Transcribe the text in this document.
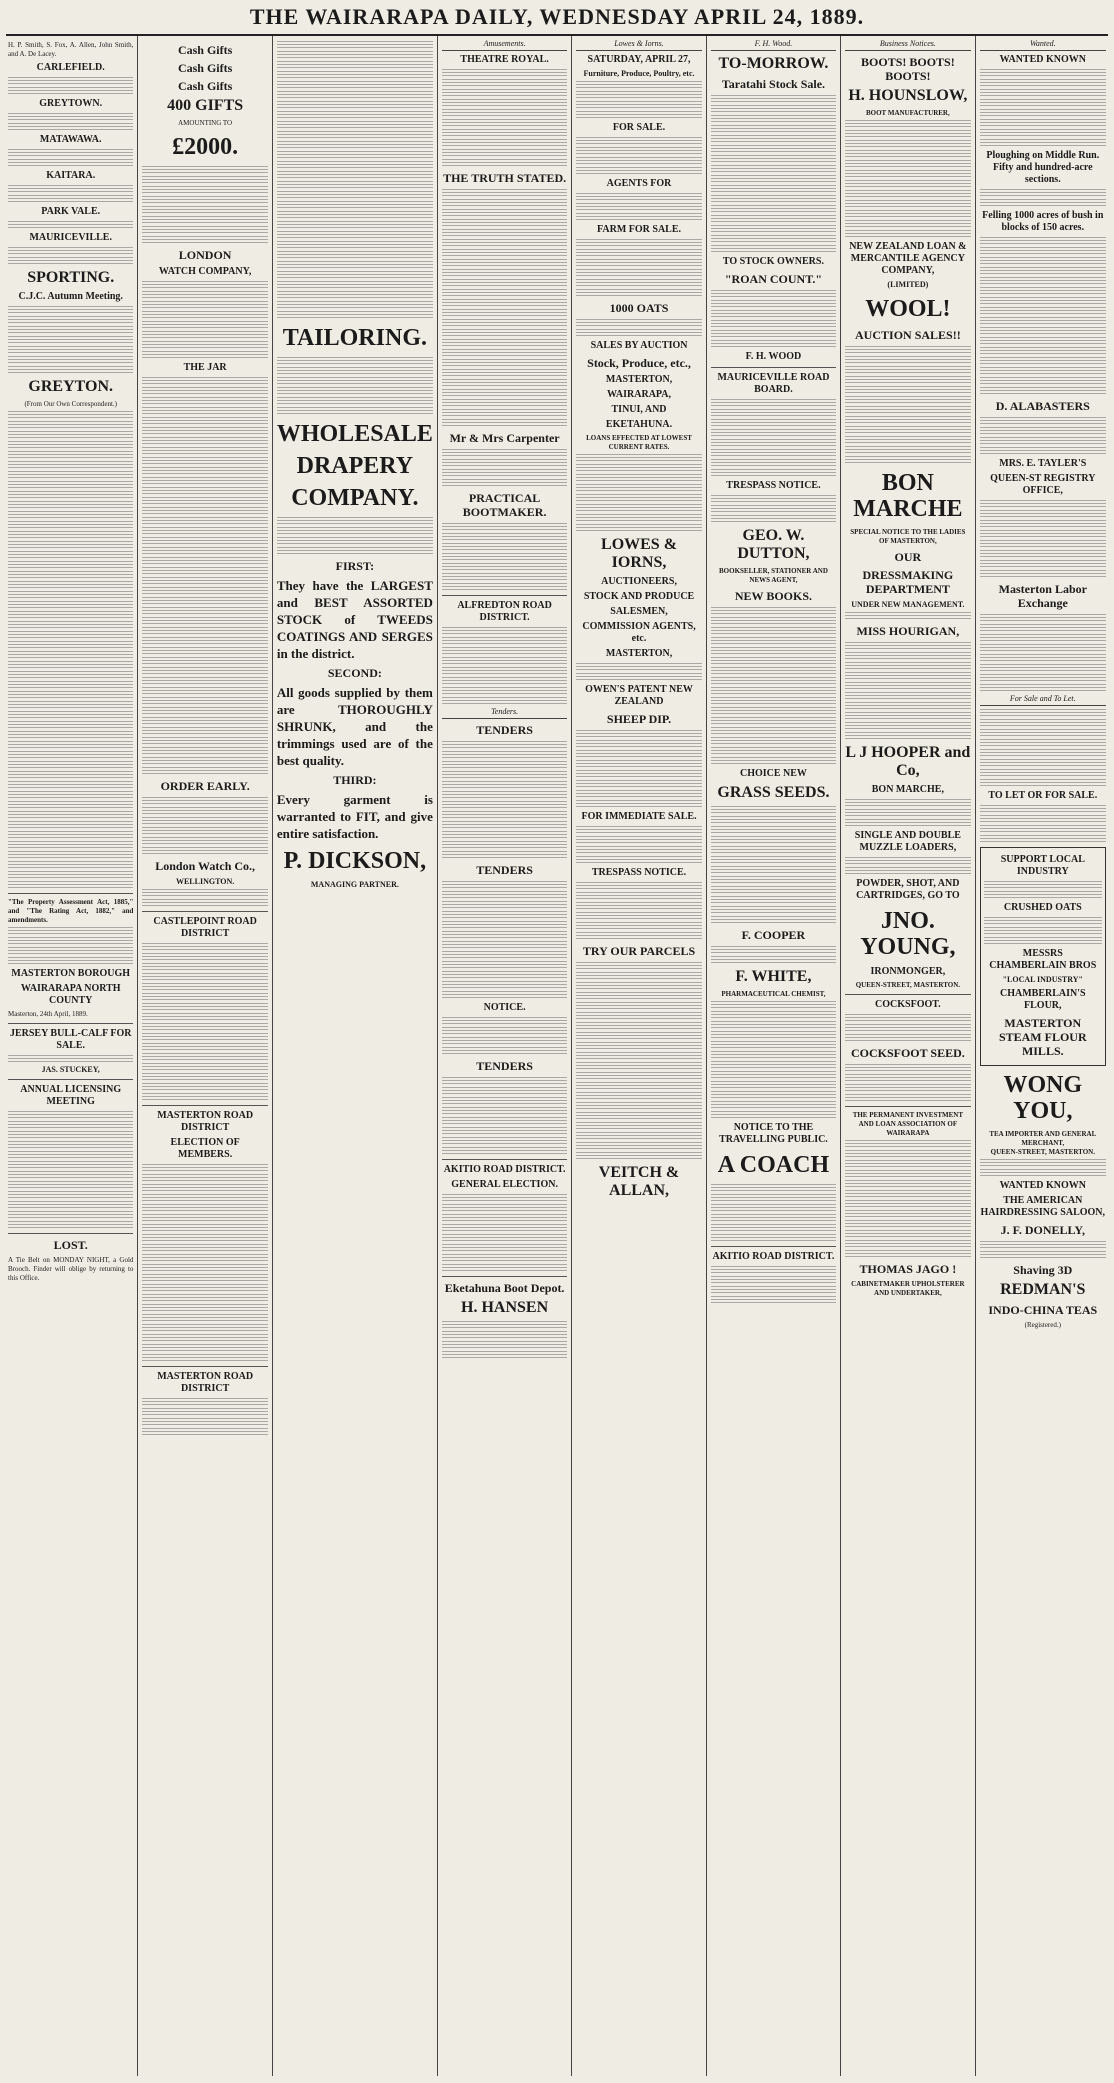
THE WAIRARAPA DAILY, WEDNESDAY APRIL 24, 1889.
H. P. Smith, S. Fox, A. Allen, John Smith, and A. De Lacey.
CARLEFIELD.
GREYTOWN.
MATAWAWA.
KAITARA.
PARK VALE.
MAURICEVILLE.
SPORTING.
C.J.C. Autumn Meeting.
GREYTON.
(From Our Own Correspondent.)
"The Property Assessment Act, 1885," and "The Rating Act, 1882," and amendments.
MASTERTON BOROUGH
WAIRARAPA NORTH COUNTY
Masterton, 24th April, 1889.
JERSEY BULL-CALF FOR SALE.
JAS. STUCKEY,
ANNUAL LICENSING MEETING
LOST.
A Tie Belt on MONDAY NIGHT, a Gold Brooch. Finder will oblige by returning to this Office.
Cash Gifts
Cash Gifts
Cash Gifts
400 GIFTS
AMOUNTING TO
£2000.
LONDON
WATCH COMPANY,
THE JAR
ORDER EARLY.
London Watch Co.,
WELLINGTON.
CASTLEPOINT ROAD DISTRICT
MASTERTON ROAD DISTRICT
ELECTION OF MEMBERS.
MASTERTON ROAD DISTRICT
TAILORING.
WHOLESALE
DRAPERY
COMPANY.
FIRST:
They have the LARGEST and BEST ASSORTED STOCK of TWEEDS COATINGS AND SERGES in the district.
SECOND:
All goods supplied by them are THOROUGHLY SHRUNK, and the trimmings used are of the best quality.
THIRD:
Every garment is warranted to FIT, and give entire satisfaction.
P. DICKSON,
MANAGING PARTNER.
Amusements.
THEATRE ROYAL.
THE TRUTH STATED.
Mr & Mrs Carpenter
PRACTICAL BOOTMAKER.
ALFREDTON ROAD DISTRICT.
Tenders.
TENDERS
TENDERS
NOTICE.
TENDERS
AKITIO ROAD DISTRICT.
GENERAL ELECTION.
Eketahuna Boot Depot.
H. HANSEN
Lowes & Iorns.
SATURDAY, APRIL 27,
Furniture, Produce, Poultry, etc.
FOR SALE.
AGENTS FOR
FARM FOR SALE.
1000 OATS
SALES BY AUCTION
Stock, Produce, etc.,
MASTERTON,
WAIRARAPA,
TINUI, AND
EKETAHUNA.
LOANS EFFECTED AT LOWEST CURRENT RATES.
LOWES & IORNS,
AUCTIONEERS,
STOCK AND PRODUCE
SALESMEN,
COMMISSION AGENTS, etc.
MASTERTON,
OWEN'S PATENT NEW ZEALAND
SHEEP DIP.
FOR IMMEDIATE SALE.
TRESPASS NOTICE.
TRY OUR PARCELS
VEITCH & ALLAN,
F. H. Wood.
TO-MORROW.
Taratahi Stock Sale.
TO STOCK OWNERS.
"ROAN COUNT."
F. H. WOOD
MAURICEVILLE ROAD BOARD.
TRESPASS NOTICE.
GEO. W. DUTTON,
BOOKSELLER, STATIONER AND NEWS AGENT,
NEW BOOKS.
CHOICE NEW
GRASS SEEDS.
F. COOPER
F. WHITE,
PHARMACEUTICAL CHEMIST,
NOTICE TO THE TRAVELLING PUBLIC.
A COACH
AKITIO ROAD DISTRICT.
Business Notices.
BOOTS! BOOTS! BOOTS!
H. HOUNSLOW,
BOOT MANUFACTURER,
NEW ZEALAND LOAN & MERCANTILE AGENCY COMPANY,
(LIMITED)
WOOL!
AUCTION SALES!!
BON MARCHE
SPECIAL NOTICE TO THE LADIES OF MASTERTON,
OUR
DRESSMAKING DEPARTMENT
UNDER NEW MANAGEMENT.
MISS HOURIGAN,
L J HOOPER and Co,
BON MARCHE,
SINGLE AND DOUBLE MUZZLE LOADERS,
POWDER, SHOT, AND CARTRIDGES, GO TO
JNO. YOUNG,
IRONMONGER,
QUEEN-STREET, MASTERTON.
COCKSFOOT.
COCKSFOOT SEED.
THE PERMANENT INVESTMENT AND LOAN ASSOCIATION OF WAIRARAPA
THOMAS JAGO !
CABINETMAKER UPHOLSTERER AND UNDERTAKER,
Wanted.
WANTED KNOWN
Ploughing on Middle Run. Fifty and hundred-acre sections.
Felling 1000 acres of bush in blocks of 150 acres.
D. ALABASTERS
MRS. E. TAYLER'S
QUEEN-ST REGISTRY OFFICE,
Masterton Labor Exchange
For Sale and To Let.
TO LET OR FOR SALE.
SUPPORT LOCAL INDUSTRY
CRUSHED OATS
MESSRS CHAMBERLAIN BROS
"LOCAL INDUSTRY"
CHAMBERLAIN'S FLOUR,
MASTERTON STEAM FLOUR MILLS.
WONG YOU,
TEA IMPORTER AND GENERAL MERCHANT,
QUEEN-STREET, MASTERTON.
WANTED KNOWN
THE AMERICAN HAIRDRESSING SALOON,
J. F. DONELLY,
Shaving 3D
REDMAN'S
INDO-CHINA TEAS
(Registered.)
